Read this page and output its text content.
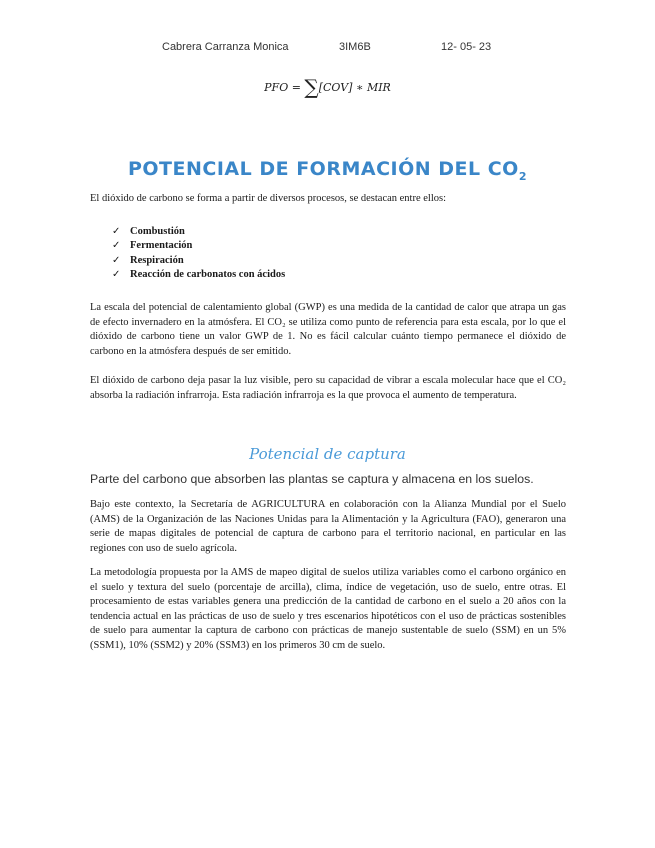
Cabrera Carranza Monica	3IM6B	12- 05- 23
PFO = ∑[COV] ∗ MIR
POTENCIAL DE FORMACIÓN DEL $CO_2$

El dióxido de carbono se forma a partir de diversos procesos, se destacan entre ellos:

✓ Combustión
✓ Fermentación
✓ Respiración
✓ Reacción de carbonatos con ácidos

La escala del potencial de calentamiento global (GWP) es una medida de la cantidad de calor que atrapa un gas de efecto invernadero en la atmósfera. El CO₂ se utiliza como punto de referencia para esta escala, por lo que el dióxido de carbono tiene un valor GWP de 1. No es fácil calcular cuánto tiempo permanece el dióxido de carbono en la atmósfera después de ser emitido.

El dióxido de carbono deja pasar la luz visible, pero su capacidad de vibrar a escala molecular hace que el CO₂ absorba la radiación infrarroja. Esta radiación infrarroja es la que provoca el aumento de temperatura.

Potencial de captura
Parte del carbono que absorben las plantas se captura y almacena en los suelos.

Bajo este contexto, la Secretaría de AGRICULTURA en colaboración con la Alianza Mundial por el Suelo (AMS) de la Organización de las Naciones Unidas para la Alimentación y la Agricultura (FAO), generaron una serie de mapas digitales de potencial de captura de carbono para el territorio nacional, en particular en las regiones con uso de suelo agrícola.

La metodología propuesta por la AMS de mapeo digital de suelos utiliza variables como el carbono orgánico en el suelo y textura del suelo (porcentaje de arcilla), clima, índice de vegetación, uso de suelo, entre otras. El procesamiento de estas variables genera una predicción de la cantidad de carbono en el suelo a 20 años con la tendencia actual en las prácticas de uso de suelo y tres escenarios hipotéticos con el uso de prácticas sostenibles de suelo para aumentar la captura de carbono con prácticas de manejo sustentable de suelo (SSM) en un 5% (SSM1), 10% (SSM2) y 20% (SSM3) en los primeros 30 cm de suelo.
